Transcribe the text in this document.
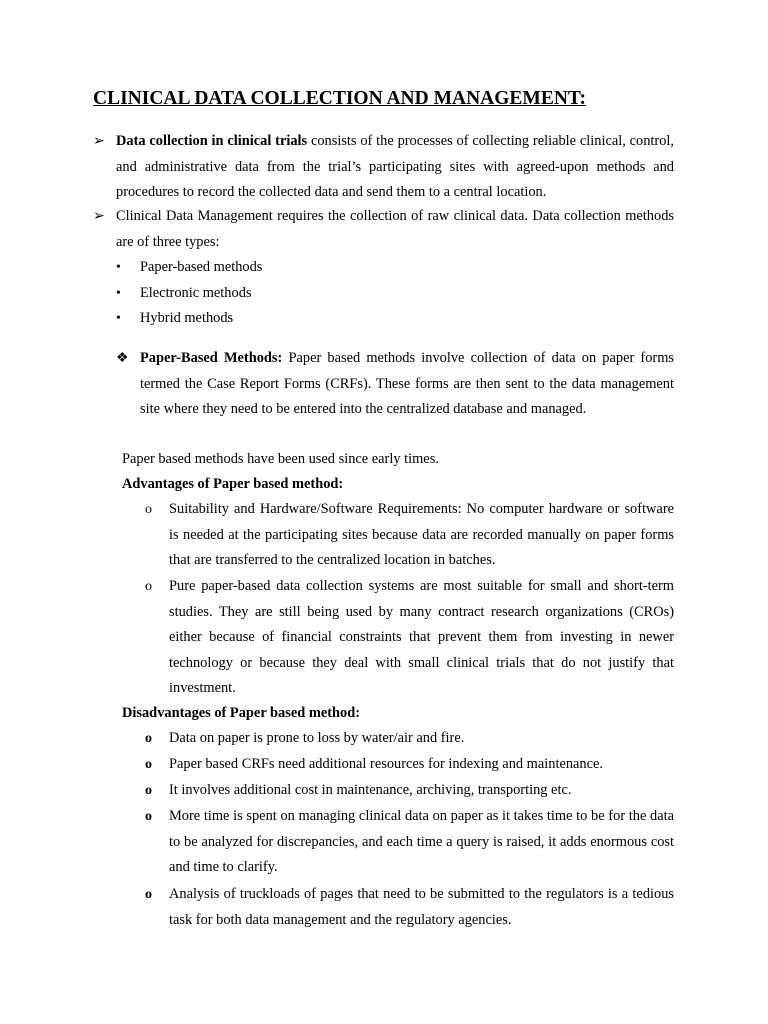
CLINICAL DATA COLLECTION AND MANAGEMENT:
➢ Data collection in clinical trials consists of the processes of collecting reliable clinical, control, and administrative data from the trial’s participating sites with agreed-upon methods and procedures to record the collected data and send them to a central location.
➢ Clinical Data Management requires the collection of raw clinical data. Data collection methods are of three types:
• Paper-based methods
• Electronic methods
• Hybrid methods
❖ Paper-Based Methods: Paper based methods involve collection of data on paper forms termed the Case Report Forms (CRFs). These forms are then sent to the data management site where they need to be entered into the centralized database and managed.
Paper based methods have been used since early times.
Advantages of Paper based method:
o Suitability and Hardware/Software Requirements: No computer hardware or software is needed at the participating sites because data are recorded manually on paper forms that are transferred to the centralized location in batches.
o Pure paper-based data collection systems are most suitable for small and short-term studies. They are still being used by many contract research organizations (CROs) either because of financial constraints that prevent them from investing in newer technology or because they deal with small clinical trials that do not justify that investment.
Disadvantages of Paper based method:
o Data on paper is prone to loss by water/air and fire.
o Paper based CRFs need additional resources for indexing and maintenance.
o It involves additional cost in maintenance, archiving, transporting etc.
o More time is spent on managing clinical data on paper as it takes time to be for the data to be analyzed for discrepancies, and each time a query is raised, it adds enormous cost and time to clarify.
o Analysis of truckloads of pages that need to be submitted to the regulators is a tedious task for both data management and the regulatory agencies.
